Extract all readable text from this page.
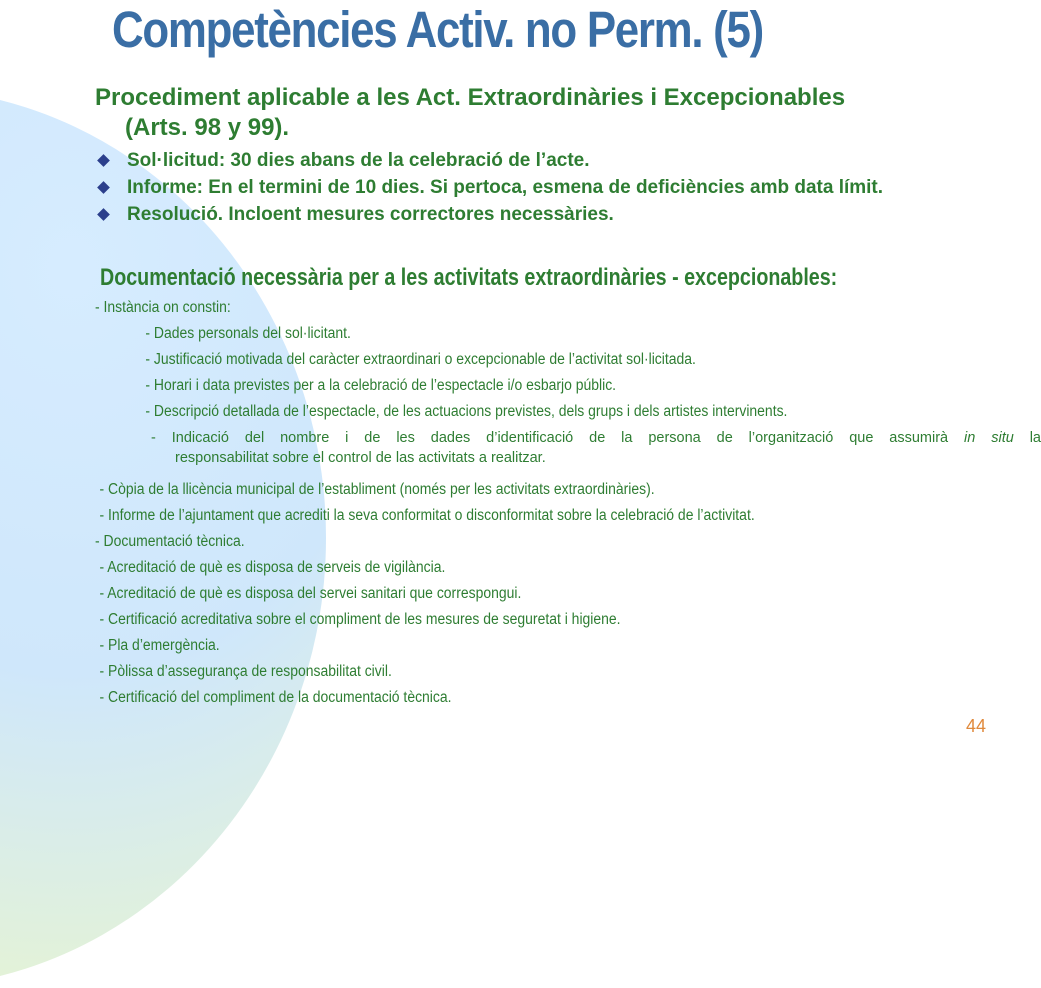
Competències Activ. no Perm. (5)
Procediment aplicable a les Act. Extraordinàries i Excepcionables
(Arts. 98 y 99).
Sol·licitud: 30 dies abans de la celebració de l’acte.
Informe: En el termini de 10 dies. Si pertoca, esmena de deficiències amb data límit.
Resolució. Incloent mesures correctores necessàries.
Documentació necessària per a les activitats extraordinàries - excepcionables:
- Instància on constin:
- Dades personals del sol·licitant.
- Justificació motivada del caràcter extraordinari o excepcionable de l’activitat sol·licitada.
- Horari i data previstes per a la celebració de l’espectacle i/o esbarjo públic.
- Descripció detallada de l’espectacle, de les actuacions previstes, dels grups i dels artistes intervinents.
- Indicació del nombre i de les dades d’identificació de la persona de l’organització que assumirà in situ la
responsabilitat sobre el control de las activitats a realitzar.
- Còpia de la llicència municipal de l’establiment (només per les activitats extraordinàries).
- Informe de l’ajuntament que acrediti la seva conformitat o disconformitat sobre la celebració de l’activitat.
- Documentació tècnica.
- Acreditació de què es disposa de serveis de vigilància.
- Acreditació de què es disposa del servei sanitari que correspongui.
- Certificació acreditativa sobre el compliment de les mesures de seguretat i higiene.
- Pla d’emergència.
- Pòlissa d’assegurança de responsabilitat civil.
- Certificació del compliment de la documentació tècnica.
44
